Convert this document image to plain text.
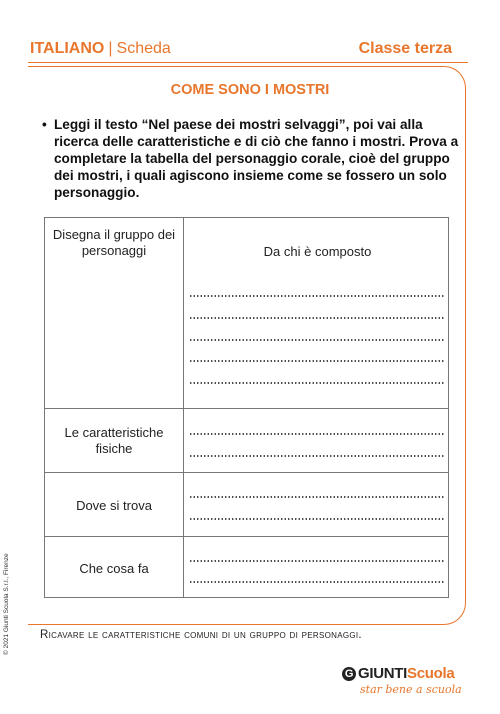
ITALIANO | Scheda	Classe terza
COME SONO I MOSTRI
• Leggi il testo “Nel paese dei mostri selvaggi”, poi vai alla ricerca delle caratteristiche e di ciò che fanno i mostri. Prova a completare la tabella del personaggio corale, cioè del gruppo dei mostri, i quali agiscono insieme come se fossero un solo personaggio.
Disegna il gruppo dei personaggi	Da chi è composto
Le caratteristiche fisiche
Dove si trova
Che cosa fa
© 2021 Giunti Scuola S.r.l., Firenze	Ricavare le caratteristiche comuni di un gruppo di personaggi.
G GIUNTIScuola
star bene a scuola
